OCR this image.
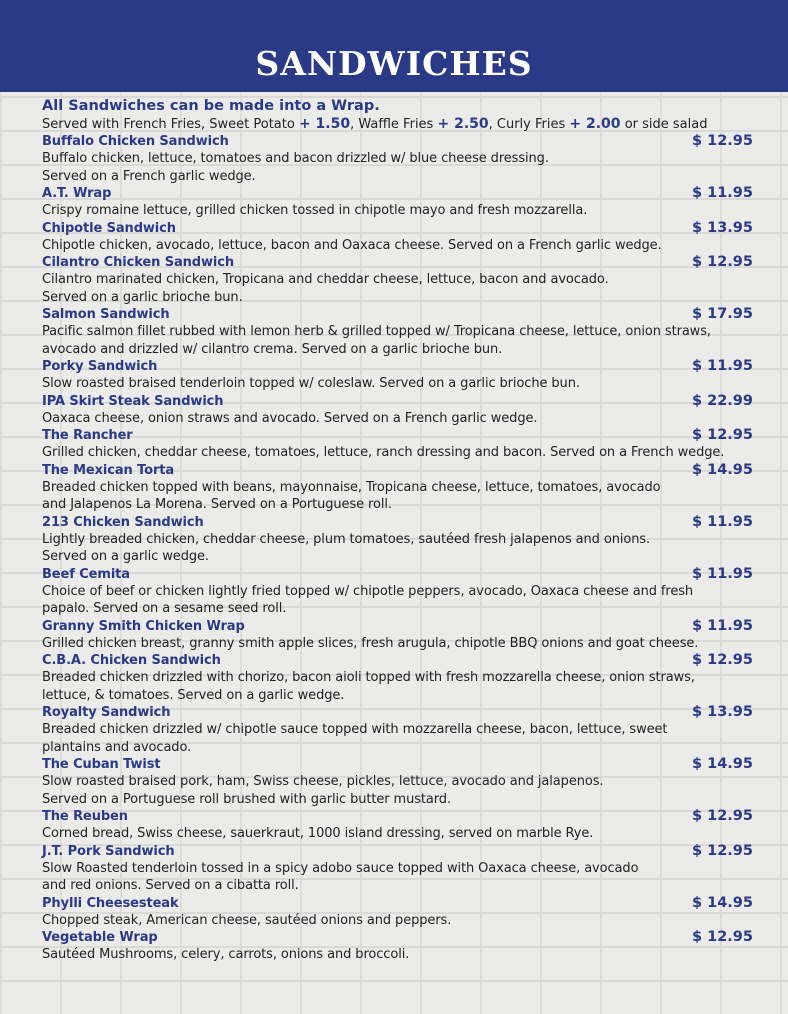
SANDWICHES
All Sandwiches can be made into a Wrap.
Served with French Fries, Sweet Potato + 1.50, Waffle Fries + 2.50, Curly Fries + 2.00 or side salad
Buffalo Chicken Sandwich	$ 12.95
Buffalo chicken, lettuce, tomatoes and bacon drizzled w/ blue cheese dressing.
Served on a French garlic wedge.
A.T. Wrap	$ 11.95
Crispy romaine lettuce, grilled chicken tossed in chipotle mayo and fresh mozzarella.
Chipotle Sandwich	$ 13.95
Chipotle chicken, avocado, lettuce, bacon and Oaxaca cheese. Served on a French garlic wedge.
Cilantro Chicken Sandwich	$ 12.95
Cilantro marinated chicken, Tropicana and cheddar cheese, lettuce, bacon and avocado.
Served on a garlic brioche bun.
Salmon Sandwich	$ 17.95
Pacific salmon fillet rubbed with lemon herb & grilled topped w/ Tropicana cheese, lettuce, onion straws,
avocado and drizzled w/ cilantro crema. Served on a garlic brioche bun.
Porky Sandwich	$ 11.95
Slow roasted braised tenderloin topped w/ coleslaw. Served on a garlic brioche bun.
IPA Skirt Steak Sandwich	$ 22.99
Oaxaca cheese, onion straws and avocado. Served on a French garlic wedge.
The Rancher	$ 12.95
Grilled chicken, cheddar cheese, tomatoes, lettuce, ranch dressing and bacon. Served on a French wedge.
The Mexican Torta	$ 14.95
Breaded chicken topped with beans, mayonnaise, Tropicana cheese, lettuce, tomatoes, avocado
and Jalapenos La Morena. Served on a Portuguese roll.
213 Chicken Sandwich	$ 11.95
Lightly breaded chicken, cheddar cheese, plum tomatoes, sautéed fresh jalapenos and onions.
Served on a garlic wedge.
Beef Cemita	$ 11.95
Choice of beef or chicken lightly fried topped w/ chipotle peppers, avocado, Oaxaca cheese and fresh
papalo. Served on a sesame seed roll.
Granny Smith Chicken Wrap	$ 11.95
Grilled chicken breast, granny smith apple slices, fresh arugula, chipotle BBQ onions and goat cheese.
C.B.A. Chicken Sandwich	$ 12.95
Breaded chicken drizzled with chorizo, bacon aioli topped with fresh mozzarella cheese, onion straws,
lettuce, & tomatoes. Served on a garlic wedge.
Royalty Sandwich	$ 13.95
Breaded chicken drizzled w/ chipotle sauce topped with mozzarella cheese, bacon, lettuce, sweet
plantains and avocado.
The Cuban Twist	$ 14.95
Slow roasted braised pork, ham, Swiss cheese, pickles, lettuce, avocado and jalapenos.
Served on a Portuguese roll brushed with garlic butter mustard.
The Reuben	$ 12.95
Corned bread, Swiss cheese, sauerkraut, 1000 island dressing, served on marble Rye.
J.T. Pork Sandwich	$ 12.95
Slow Roasted tenderloin tossed in a spicy adobo sauce topped with Oaxaca cheese, avocado
and red onions. Served on a cibatta roll.
Phylli Cheesesteak	$ 14.95
Chopped steak, American cheese, sautéed onions and peppers.
Vegetable Wrap	$ 12.95
Sautéed Mushrooms, celery, carrots, onions and broccoli.
